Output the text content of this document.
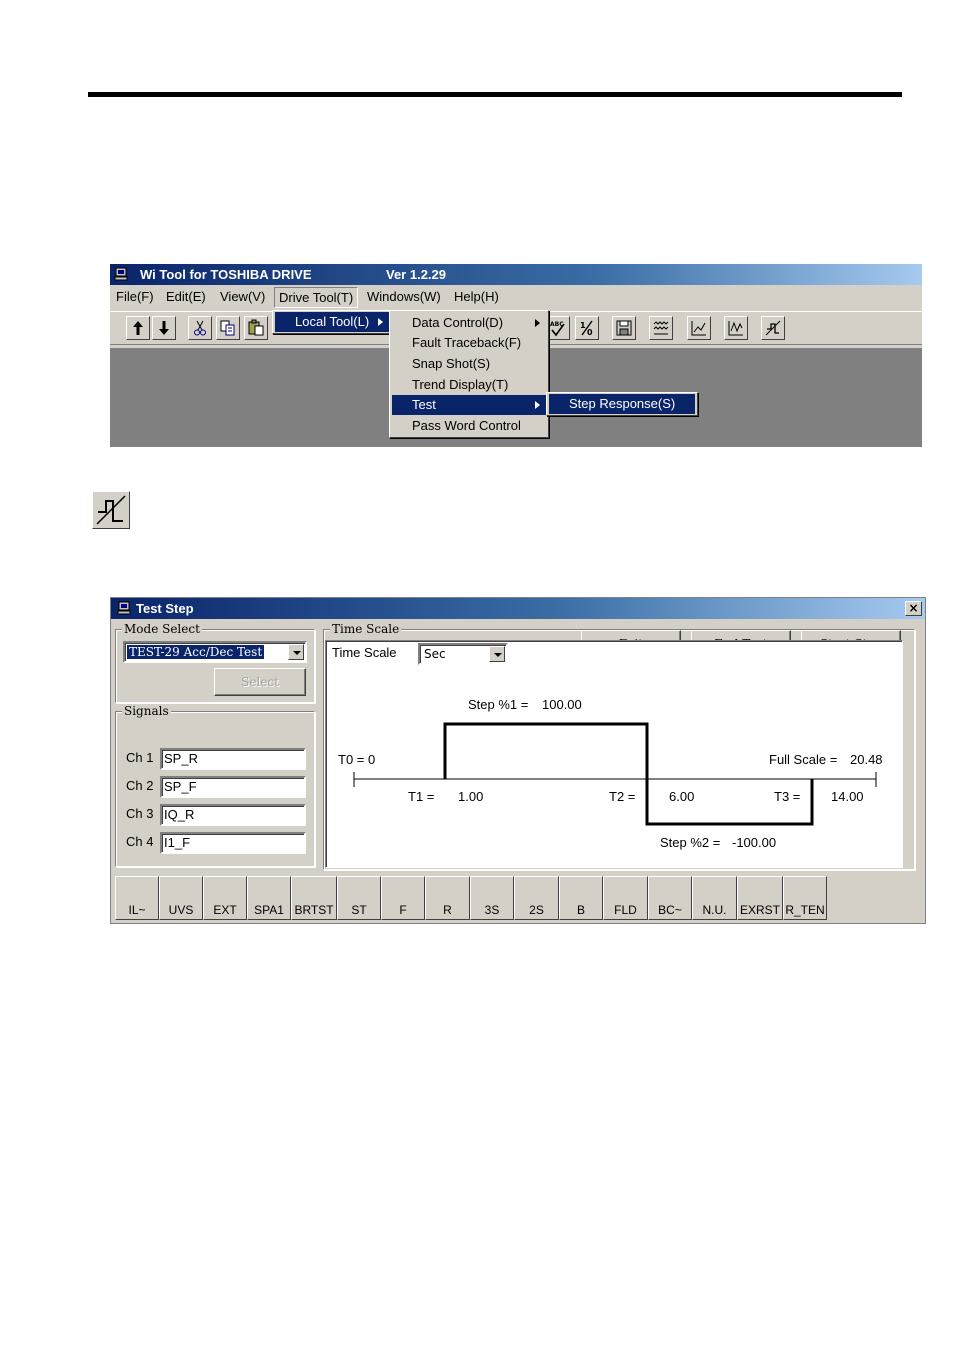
Wi Tool for TOSHIBA DRIVE	Ver 1.2.29
File(F) Edit(E) View(V)	Drive Tool(T)	Windows(W) Help(H)
ABC 1
0
Local Tool(L)	Data Control(D)
Fault Traceback(F)
Snap Shot(S)
Trend Display(T)
Test
Pass Word Control
Step Response(S)
Test Step	×
Mode Select
TEST-29 Acc/Dec Test
Select
Signals
Ch 1 SP_R
Ch 2 SP_F
Ch 3 IQ_R
Ch 4 I1_F
Time Scale
Time Scale Sec
Step %1 = 100.00
T0 = 0	Full Scale = 20.48
T1 = 1.00	T2 =	6.00	T3 = 14.00
Step %2 = -100.00
IL~	UVS	EXT	SPA1 BRTST	ST	F	R	3S	2S	B	FLD	BC~	N.U.	EXRST R_TEN
